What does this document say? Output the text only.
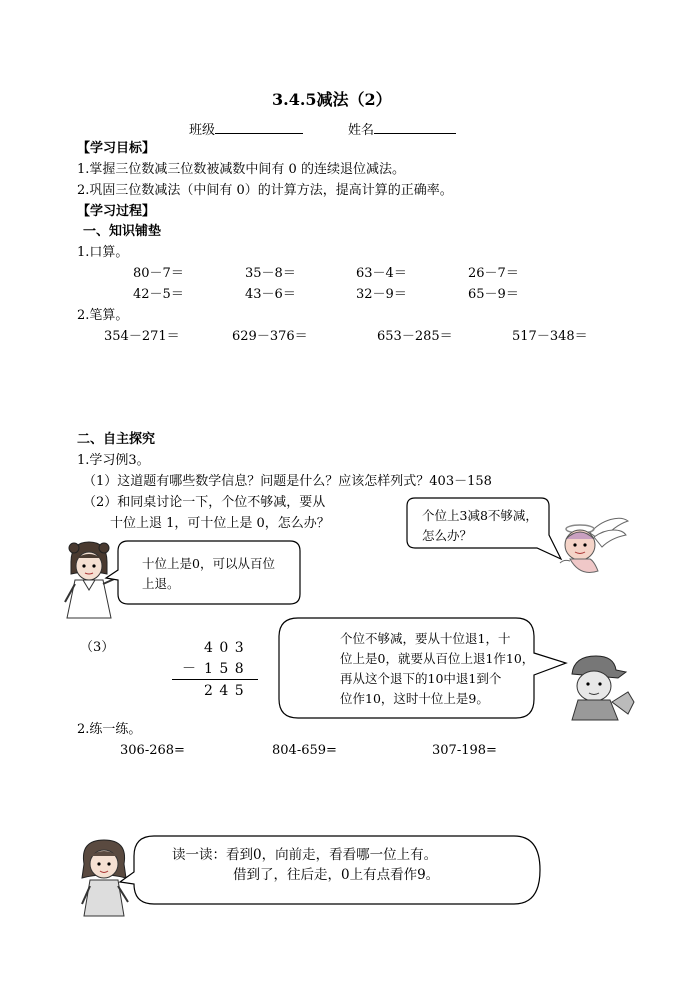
3.4.5减法（2）
班级	姓名
【学习目标】
1.掌握三位数减三位数被减数中间有 0 的连续退位减法。
2.巩固三位数减法（中间有 0）的计算方法，提高计算的正确率。
【学习过程】
一、知识铺垫
1.口算。
80－7＝	35－8＝	63－4＝	26－7＝
42－5＝	43－6＝	32－9＝	65－9＝
2.笔算。
354－271＝	629－376＝	653－285＝	517－348＝
二、自主探究
1.学习例3。
（1）这道题有哪些数学信息？问题是什么？应该怎样列式？403－158
（2）和同桌讨论一下，个位不够减，要从
十位上退 1，可十位上是 0，怎么办？
个位上3减8不够减，
怎么办？
十位上是0，可以从百位
上退。
（3）	4 0 3
－ 1 5 8
2 4 5
个位不够减，要从十位退1，十
位上是0，就要从百位上退1作10，
再从这个退下的10中退1到个
位作10，这时十位上是9。
2.练一练。
306-268=	804-659=	307-198=
读一读：看到0，向前走，看看哪一位上有。
借到了，往后走，0上有点看作9。
